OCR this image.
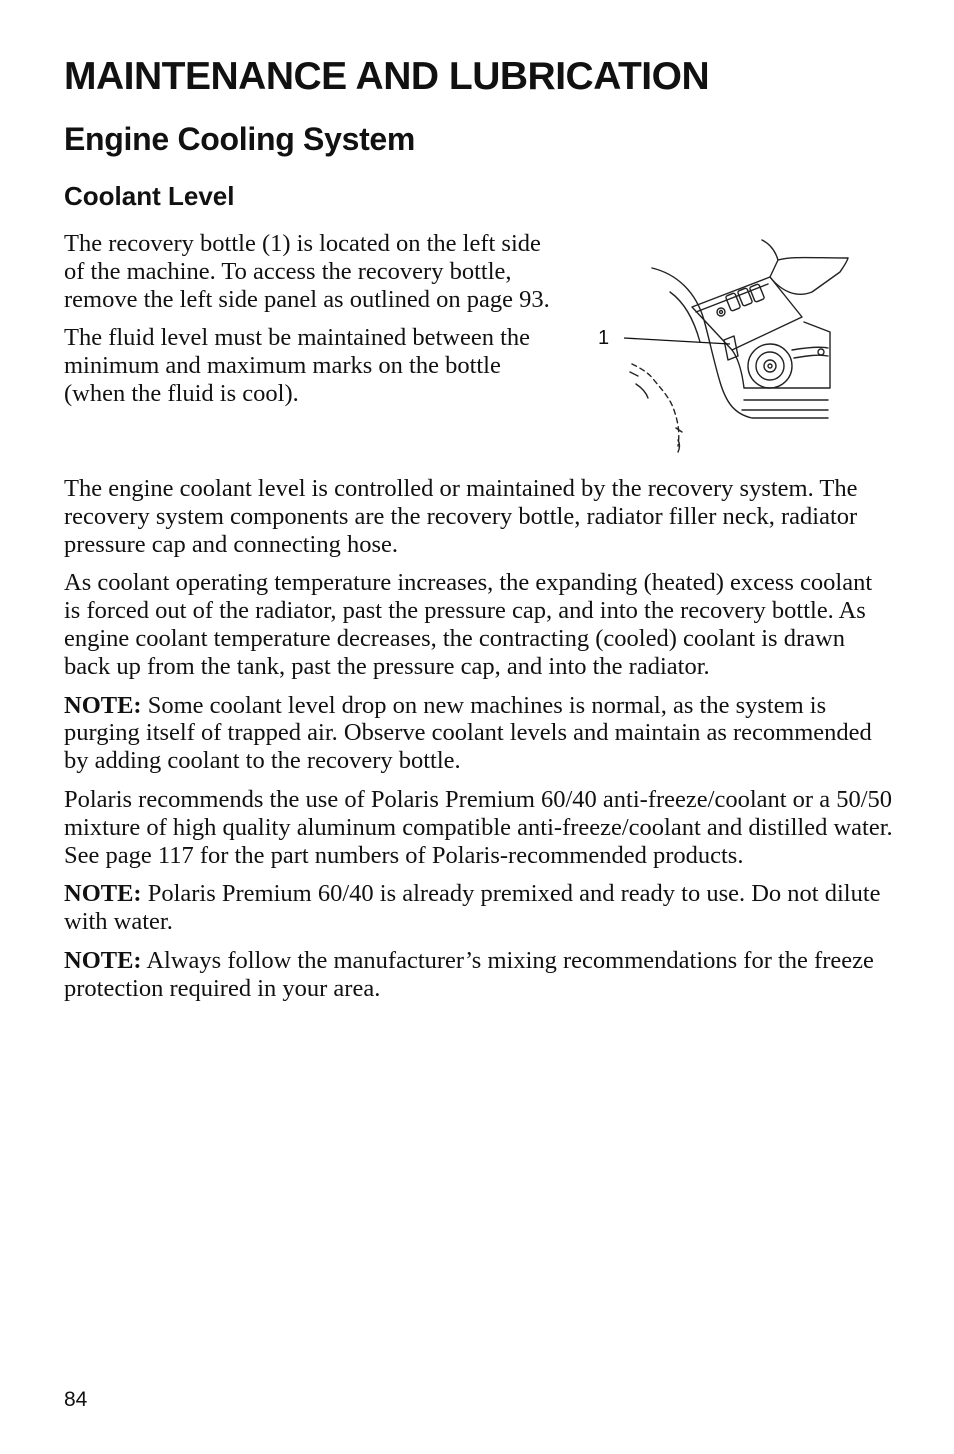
MAINTENANCE AND LUBRICATION
Engine Cooling System
Coolant Level

The recovery bottle (1) is located on the left side of the machine. To access the recovery bottle, remove the left side panel as outlined on page 93.

The fluid level must be maintained between the minimum and maximum marks on the bottle (when the fluid is cool).

1

The engine coolant level is controlled or maintained by the recovery system. The recovery system components are the recovery bottle, radiator filler neck, radiator pressure cap and connecting hose.

As coolant operating temperature increases, the expanding (heated) excess coolant is forced out of the radiator, past the pressure cap, and into the recovery bottle. As engine coolant temperature decreases, the contracting (cooled) coolant is drawn back up from the tank, past the pressure cap, and into the radiator.

NOTE: Some coolant level drop on new machines is normal, as the system is purging itself of trapped air. Observe coolant levels and maintain as recommended by adding coolant to the recovery bottle.

Polaris recommends the use of Polaris Premium 60/40 anti-freeze/coolant or a 50/50 mixture of high quality aluminum compatible anti-freeze/coolant and distilled water. See page 117 for the part numbers of Polaris-recommended products.

NOTE: Polaris Premium 60/40 is already premixed and ready to use. Do not dilute with water.

NOTE: Always follow the manufacturer’s mixing recommendations for the freeze protection required in your area.

84
